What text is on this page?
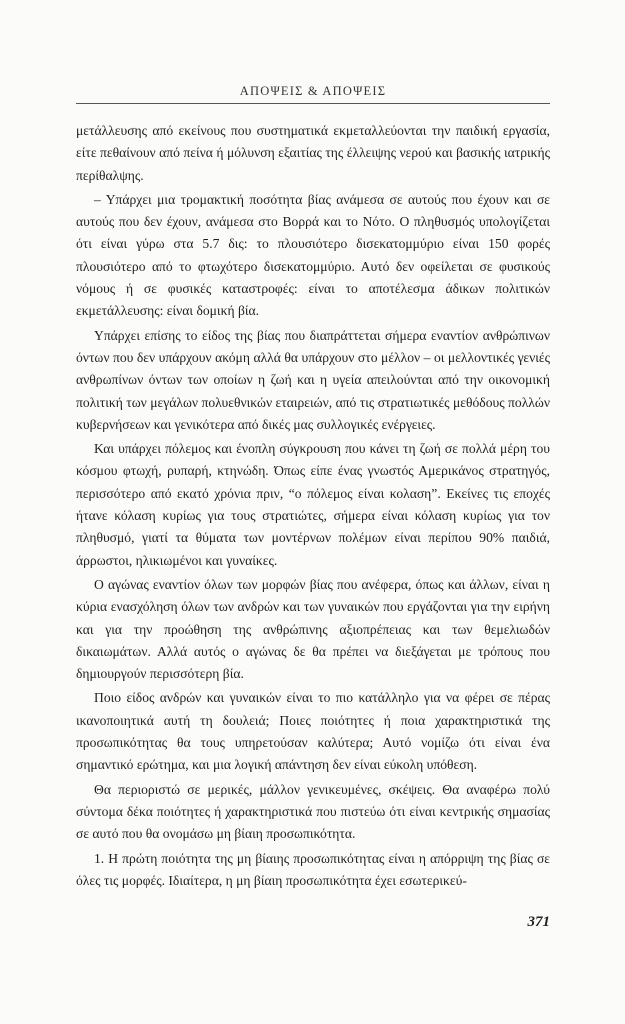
ΑΠΟΨΕΙΣ & ΑΠΟΨΕΙΣ

μετάλλευσης από εκείνους που συστηματικά εκμεταλλεύονται την παιδική εργασία, είτε πεθαίνουν από πείνα ή μόλυνση εξαιτίας της έλλειψης νερού και βασικής ιατρικής περίθαλψης.

– Υπάρχει μια τρομακτική ποσότητα βίας ανάμεσα σε αυτούς που έχουν και σε αυτούς που δεν έχουν, ανάμεσα στο Βορρά και το Νότο. Ο πληθυσμός υπολογίζεται ότι είναι γύρω στα 5.7 δις: το πλουσιότερο δισεκατομμύριο είναι 150 φορές πλουσιότερο από το φτωχότερο δισεκατομμύριο. Αυτό δεν οφείλεται σε φυσικούς νόμους ή σε φυσικές καταστροφές: είναι το αποτέλεσμα άδικων πολιτικών εκμετάλλευσης: είναι δομική βία.

Υπάρχει επίσης το είδος της βίας που διαπράττεται σήμερα εναντίον ανθρώπινων όντων που δεν υπάρχουν ακόμη αλλά θα υπάρχουν στο μέλλον – οι μελλοντικές γενιές ανθρωπίνων όντων των οποίων η ζωή και η υγεία απειλούνται από την οικονομική πολιτική των μεγάλων πολυεθνικών εταιρειών, από τις στρατιωτικές μεθόδους πολλών κυβερνήσεων και γενικότερα από δικές μας συλλογικές ενέργειες.

Και υπάρχει πόλεμος και ένοπλη σύγκρουση που κάνει τη ζωή σε πολλά μέρη του κόσμου φτωχή, ρυπαρή, κτηνώδη. Όπως είπε ένας γνωστός Αμερικάνος στρατηγός, περισσότερο από εκατό χρόνια πριν, “ο πόλεμος είναι κολαση”. Εκείνες τις εποχές ήτανε κόλαση κυρίως για τους στρατιώτες, σήμερα είναι κόλαση κυρίως για τον πληθυσμό, γιατί τα θύματα των μοντέρνων πολέμων είναι περίπου 90% παιδιά, άρρωστοι, ηλικιωμένοι και γυναίκες.

Ο αγώνας εναντίον όλων των μορφών βίας που ανέφερα, όπως και άλλων, είναι η κύρια ενασχόληση όλων των ανδρών και των γυναικών που εργάζονται για την ειρήνη και για την προώθηση της ανθρώπινης αξιοπρέπειας και των θεμελιωδών δικαιωμάτων. Αλλά αυτός ο αγώνας δε θα πρέπει να διεξάγεται με τρόπους που δημιουργούν περισσότερη βία.

Ποιο είδος ανδρών και γυναικών είναι το πιο κατάλληλο για να φέρει σε πέρας ικανοποιητικά αυτή τη δουλειά; Ποιες ποιότητες ή ποια χαρακτηριστικά της προσωπικότητας θα τους υπηρετούσαν καλύτερα; Αυτό νομίζω ότι είναι ένα σημαντικό ερώτημα, και μια λογική απάντηση δεν είναι εύκολη υπόθεση.

Θα περιοριστώ σε μερικές, μάλλον γενικευμένες, σκέψεις. Θα αναφέρω πολύ σύντομα δέκα ποιότητες ή χαρακτηριστικά που πιστεύω ότι είναι κεντρικής σημασίας σε αυτό που θα ονομάσω μη βίαιη προσωπικότητα.

1. Η πρώτη ποιότητα της μη βίαιης προσωπικότητας είναι η απόρριψη της βίας σε όλες τις μορφές. Ιδιαίτερα, η μη βίαιη προσωπικότητα έχει εσωτερικεύ-

371
